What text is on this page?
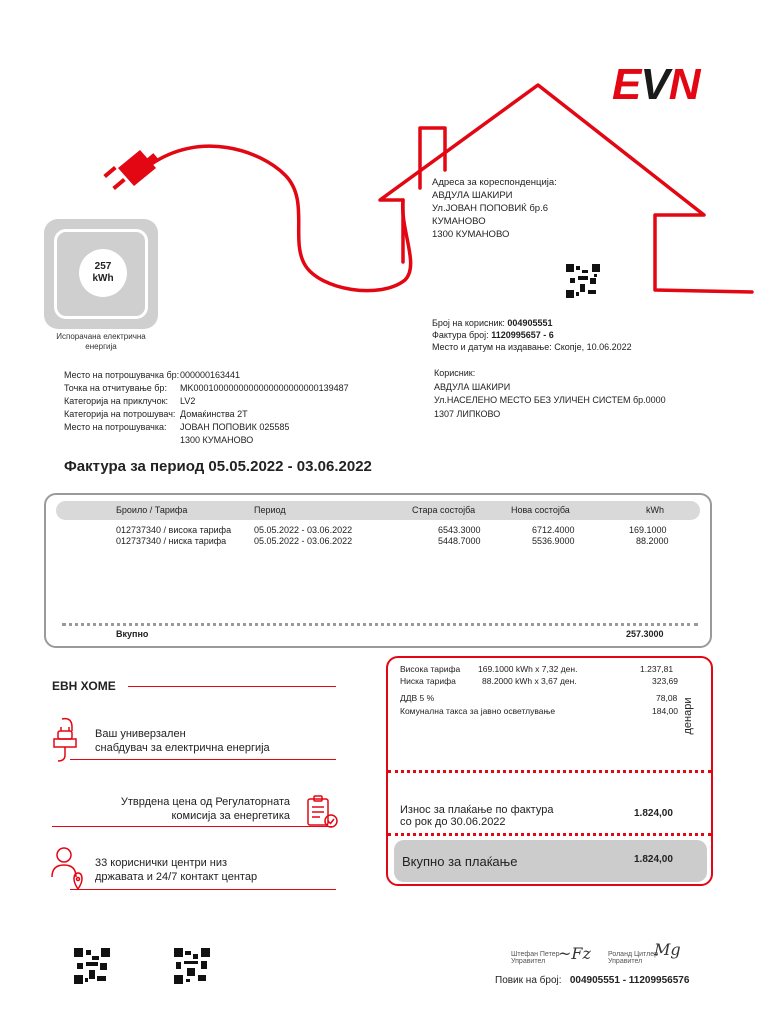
EVN
257
kWh
Испорачана електрична енергија
Адреса за кореспонденција:
АВДУЛА ШАКИРИ
Ул.ЈОВАН ПОПОВИЌ бр.6
КУМАНОВО
1300 КУМАНОВО
Број на корисник: 004905551
Фактура број: 1120995657 - 6
Место и датум на издавање: Скопје, 10.06.2022
Место на потрошувачка бр: 000000163441
Точка на отчитување бр:	MK0001000000000000000000000139487
Категорија на приклучок:	LV2
Категорија на потрошувач: Домаќинства 2Т
Место на потрошувачка:	ЈОВАН ПОПОВИК 025585
1300 КУМАНОВО
Корисник:
АВДУЛА ШАКИРИ
Ул.НАСЕЛЕНО МЕСТО БЕЗ УЛИЧЕН СИСТЕМ бр.0000
1307 ЛИПКОВО
Фактура за период 05.05.2022 - 03.06.2022
Броило / Тарифа	Период	Стара состојба	Нова состојба	kWh
012737340 / висока тарифа	05.05.2022 - 03.06.2022	6543.3000	6712.4000	169.1000
012737340 / ниска тарифа	05.05.2022 - 03.06.2022	5448.7000	5536.9000	88.2000
Вкупно	257.3000
ЕВН ХОМЕ
Ваш универзален
снабдувач за електрична енергија
Утврдена цена од Регулаторната
комисија за енергетика
33 кориснички центри низ
државата и 24/7 контакт центар
Висока тарифа 169.1000 kWh x 7,32 ден.	1.237,81
Ниска тарифа	88.2000 kWh x 3,67 ден.	323,69
ДДВ 5 %	78,08
Комунална такса за јавно осветлување	184,00 денари
Износ за плаќање по фактура
со рок до 30.06.2022
1.824,00
Вкупно за плаќање	1.824,00
Штефан Петер
Управител ~Fz Роланд Цитлер
Управител
Mg
Повик на број: 004905551 - 11209956576
